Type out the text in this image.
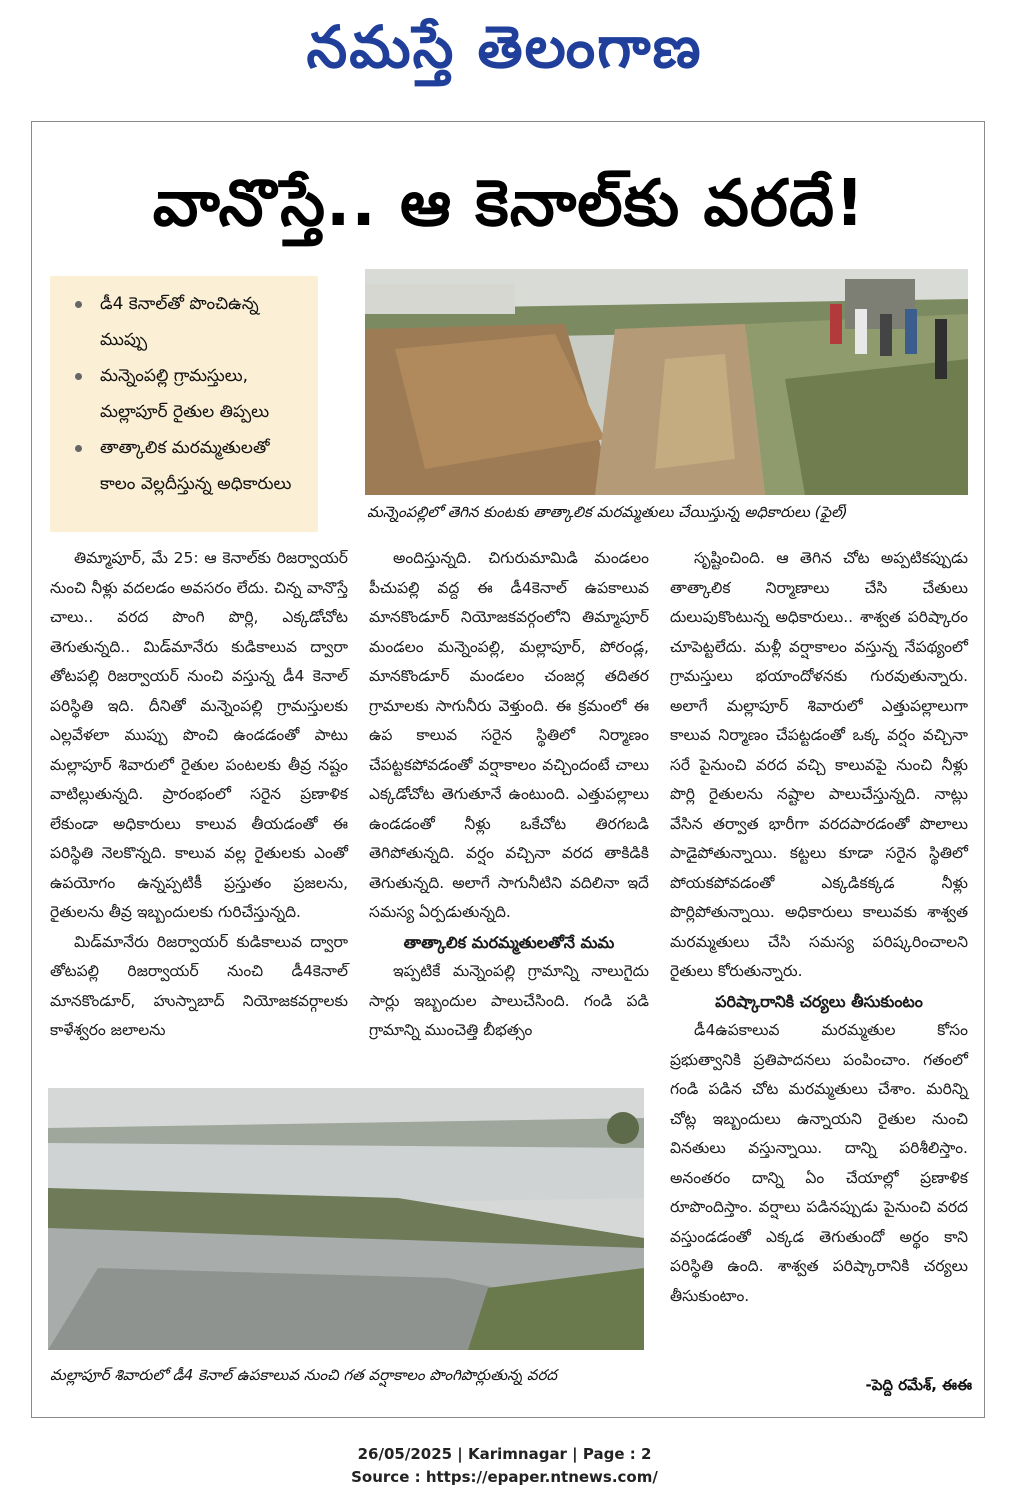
నమస్తే తెలంగాణ
వానొస్తే.. ఆ కెనాల్‌కు వరదే!
డీ4 కెనాల్‌తో పొంచిఉన్న ముప్పు
మన్నెంపల్లి గ్రామస్తులు, మల్లాపూర్ రైతుల తిప్పలు
తాత్కాలిక మరమ్మతులతో కాలం వెల్లదీస్తున్న అధికారులు
మన్నెంపల్లిలో తెగిన కుంటకు తాత్కాలిక మరమ్మతులు చేయిస్తున్న అధికారులు (ఫైల్)

తిమ్మాపూర్, మే 25: ఆ కెనాల్‌కు రిజర్వాయర్ నుంచి నీళ్లు వదలడం అవసరం లేదు. చిన్న వానొస్తే చాలు.. వరద పొంగి పొర్లి, ఎక్కడోచోట తెగుతున్నది.. మిడ్‌మానేరు కుడికాలువ ద్వారా తోటపల్లి రిజర్వాయర్ నుంచి వస్తున్న డీ4 కెనాల్ పరిస్థితి ఇది. దీనితో మన్నెంపల్లి గ్రామస్తులకు ఎల్లవేళలా ముప్పు పొంచి ఉండడంతో పాటు మల్లాపూర్ శివారులో రైతుల పంటలకు తీవ్ర నష్టం వాటిల్లుతున్నది. ప్రారంభంలో సరైన ప్రణాళిక లేకుండా అధికారులు కాలువ తీయడంతో ఈ పరిస్థితి నెలకొన్నది. కాలువ వల్ల రైతులకు ఎంతో ఉపయోగం ఉన్నప్పటికీ ప్రస్తుతం ప్రజలను, రైతులను తీవ్ర ఇబ్బందులకు గురిచేస్తున్నది.

మిడ్‌మానేరు రిజర్వాయర్ కుడికాలువ ద్వారా తోటపల్లి రిజర్వాయర్ నుంచి డీ4కెనాల్ మానకొండూర్, హుస్నాబాద్ నియోజకవర్గాలకు కాళేశ్వరం జలాలను

అందిస్తున్నది. చిగురుమామిడి మండలం పీచుపల్లి వద్ద ఈ డీ4కెనాల్ ఉపకాలువ మానకొండూర్ నియోజకవర్గంలోని తిమ్మాపూర్ మండలం మన్నెంపల్లి, మల్లాపూర్, పోరండ్ల, మానకొండూర్ మండలం చంజర్ల తదితర గ్రామాలకు సాగునీరు వెళ్తుంది. ఈ క్రమంలో ఈ ఉప కాలువ సరైన స్థితిలో నిర్మాణం చేపట్టకపోవడంతో వర్షాకాలం వచ్చిందంటే చాలు ఎక్కడోచోట తెగుతూనే ఉంటుంది. ఎత్తుపల్లాలు ఉండడంతో నీళ్లు ఒకేచోట తిరగబడి తెగిపోతున్నది. వర్షం వచ్చినా వరద తాకిడికి తెగుతున్నది. అలాగే సాగునీటిని వదిలినా ఇదే సమస్య ఏర్పడుతున్నది.

తాత్కాలిక మరమ్మతులతోనే మమ

ఇప్పటికే మన్నెంపల్లి గ్రామాన్ని నాలుగైదు సార్లు ఇబ్బందుల పాలుచేసింది. గండి పడి గ్రామాన్ని ముంచెత్తి బీభత్సం

సృష్టించింది. ఆ తెగిన చోట అప్పటికప్పుడు తాత్కాలిక నిర్మాణాలు చేసి చేతులు దులుపుకొంటున్న అధికారులు.. శాశ్వత పరిష్కారం చూపెట్టలేదు. మళ్లీ వర్షాకాలం వస్తున్న నేపథ్యంలో గ్రామస్తులు భయాందోళనకు గురవుతున్నారు. అలాగే మల్లాపూర్ శివారులో ఎత్తుపల్లాలుగా కాలువ నిర్మాణం చేపట్టడంతో ఒక్క వర్షం వచ్చినా సరే పైనుంచి వరద వచ్చి కాలువపై నుంచి నీళ్లు పొర్లి రైతులను నష్టాల పాలుచేస్తున్నది. నాట్లు వేసిన తర్వాత భారీగా వరదపారడంతో పొలాలు పాడైపోతున్నాయి. కట్టలు కూడా సరైన స్థితిలో పోయకపోవడంతో ఎక్కడికక్కడ నీళ్లు పొర్లిపోతున్నాయి. అధికారులు కాలువకు శాశ్వత మరమ్మతులు చేసి సమస్య పరిష్కరించాలని రైతులు కోరుతున్నారు.

పరిష్కారానికి చర్యలు తీసుకుంటం

డీ4ఉపకాలువ మరమ్మతుల కోసం ప్రభుత్వానికి ప్రతిపాదనలు పంపించాం. గతంలో గండి పడిన చోట మరమ్మతులు చేశాం. మరిన్ని చోట్ల ఇబ్బందులు ఉన్నాయని రైతుల నుంచి వినతులు వస్తున్నాయి. దాన్ని పరిశీలిస్తాం. అనంతరం దాన్ని ఏం చేయాల్లో ప్రణాళిక రూపొందిస్తాం. వర్షాలు పడినప్పుడు పైనుంచి వరద వస్తుండడంతో ఎక్కడ తెగుతుందో అర్థం కాని పరిస్థితి ఉంది. శాశ్వత పరిష్కారానికి చర్యలు తీసుకుంటాం.

మల్లాపూర్ శివారులో డీ4 కెనాల్ ఉపకాలువ నుంచి గత వర్షాకాలం పొంగిపొర్లుతున్న వరద
-పెద్ది రమేశ్, ఈఈ
26/05/2025 | Karimnagar | Page : 2
Source : https://epaper.ntnews.com/
